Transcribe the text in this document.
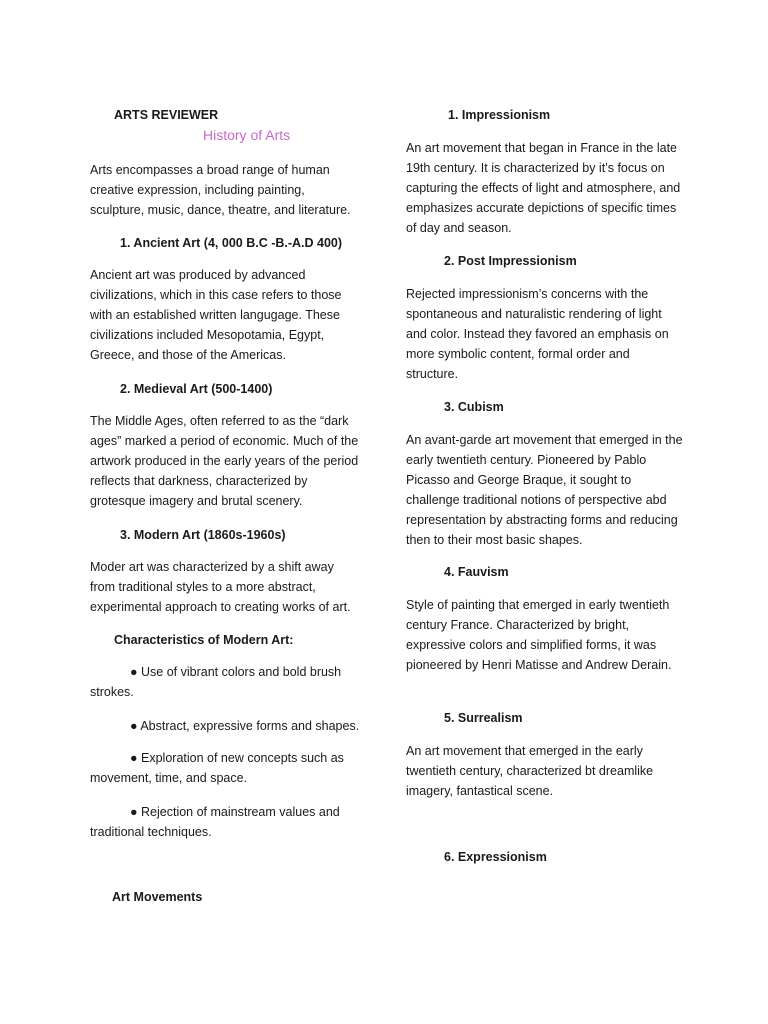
ARTS REVIEWER
History of Arts

Arts encompasses a broad range of human creative expression, including painting, sculpture, music, dance, theatre, and literature.

1. Ancient Art (4, 000 B.C -B.-A.D 400)

Ancient art was produced by advanced civilizations, which in this case refers to those with an established written langugage. These civilizations included Mesopotamia, Egypt, Greece, and those of the Americas.

2. Medieval Art (500-1400)

The Middle Ages, often referred to as the “dark ages” marked a period of economic. Much of the artwork produced in the early years of the period reflects that darkness, characterized by grotesque imagery and brutal scenery.

3. Modern Art (1860s-1960s)

Moder art was characterized by a shift away from traditional styles to a more abstract, experimental approach to creating works of art.

Characteristics of Modern Art:

● Use of vibrant colors and bold brush strokes.

● Abstract, expressive forms and shapes.

● Exploration of new concepts such as movement, time, and space.

● Rejection of mainstream values and traditional techniques.

Art Movements
1. Impressionism

An art movement that began in France in the late 19th century. It is characterized by it’s focus on capturing the effects of light and atmosphere, and emphasizes accurate depictions of specific times of day and season.

2. Post Impressionism

Rejected impressionism’s concerns with the spontaneous and naturalistic rendering of light and color. Instead they favored an emphasis on more symbolic content, formal order and structure.

3. Cubism

An avant-garde art movement that emerged in the early twentieth century. Pioneered by Pablo Picasso and George Braque, it sought to challenge traditional notions of perspective abd representation by abstracting forms and reducing then to their most basic shapes.

4. Fauvism

Style of painting that emerged in early twentieth century France. Characterized by bright, expressive colors and simplified forms, it was pioneered by Henri Matisse and Andrew Derain.

5. Surrealism

An art movement that emerged in the early twentieth century, characterized bt dreamlike imagery, fantastical scene.

6. Expressionism
